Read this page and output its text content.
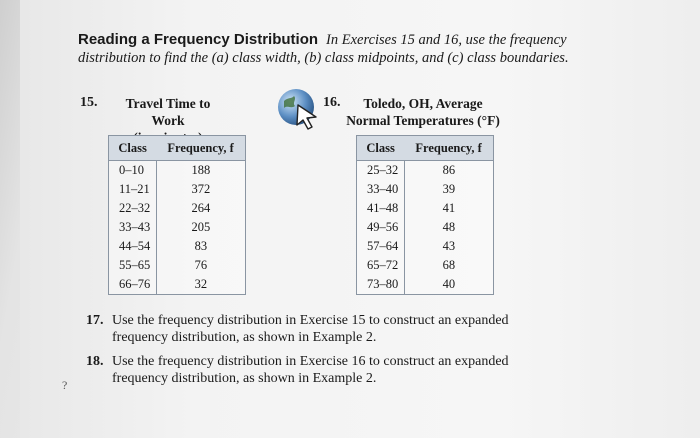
Reading a Frequency Distribution In Exercises 15 and 16, use the frequency distribution to find the (a) class width, (b) class midpoints, and (c) class boundaries.
15.	Travel Time to Work
Class	Frequency, f
0–10	188
11–21	372
22–32	264
33–43	205
44–54	83
55–65	76
66–76	32
16.	Toledo, OH, Average
Normal Temperatures (°F)
Class	Frequency, f
25–32	86
33–40	39
41–48	41
49–56	48
57–64	43
65–72	68
73–80	40
17. Use the frequency distribution in Exercise 15 to construct an expanded frequency distribution, as shown in Example 2.
18. Use the frequency distribution in Exercise 16 to construct an expanded frequency distribution, as shown in Example 2.
?
